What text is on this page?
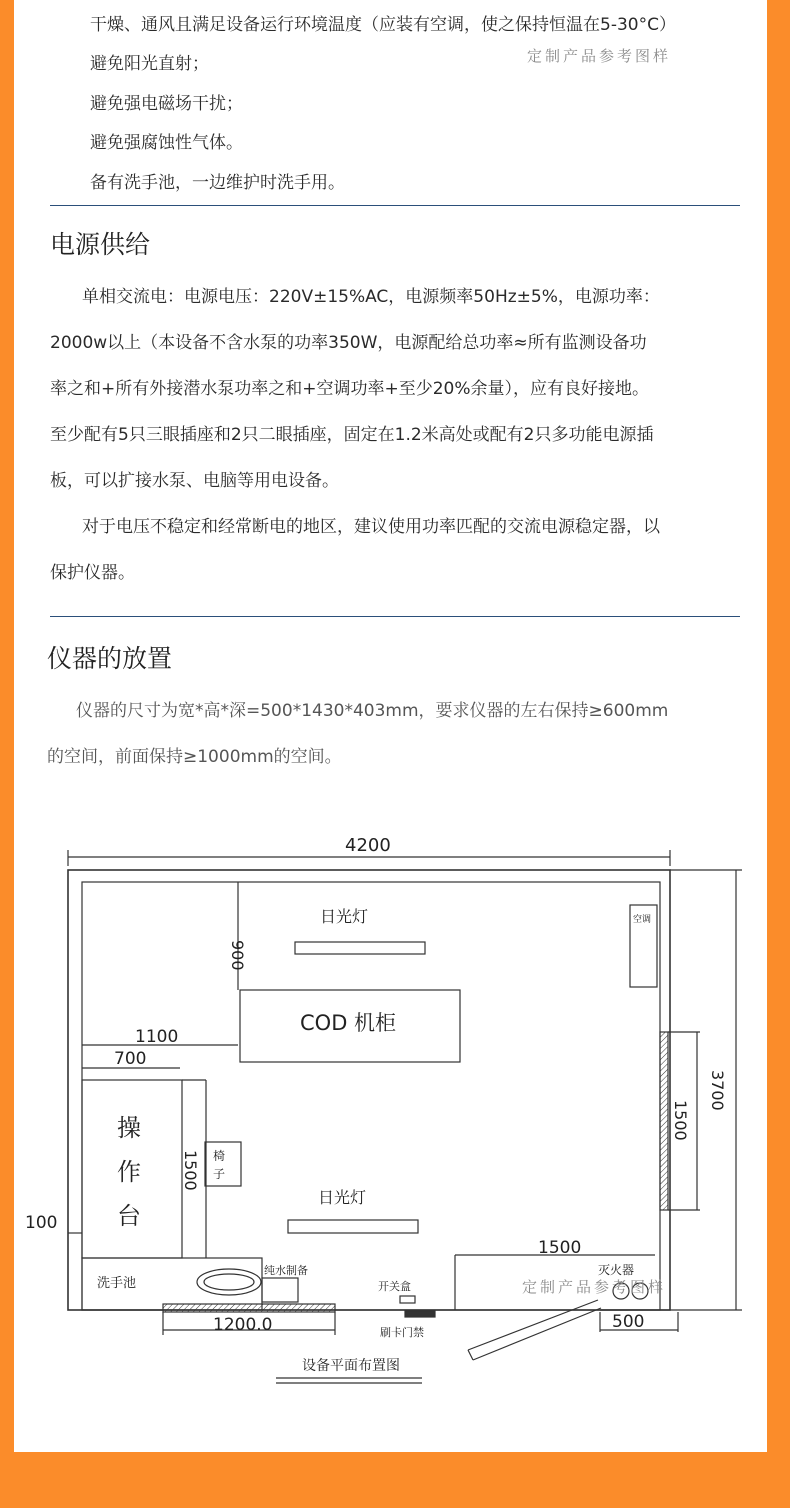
干燥、通风且满足设备运行环境温度（应装有空调，使之保持恒温在5-30°C）
避免阳光直射；	定制产品参考图样
避免强电磁场干扰；
避免强腐蚀性气体。
备有洗手池，一边维护时洗手用。
电源供给
单相交流电：电源电压：220V±15%AC，电源频率50Hz±5%，电源功率：
2000w以上（本设备不含水泵的功率350W，电源配给总功率≈所有监测设备功
率之和+所有外接潜水泵功率之和+空调功率+至少20%余量），应有良好接地。
至少配有5只三眼插座和2只二眼插座，固定在1.2米高处或配有2只多功能电源插
板，可以扩接水泵、电脑等用电设备。
对于电压不稳定和经常断电的地区，建议使用功率匹配的交流电源稳定器，以
保护仪器。
仪器的放置
仪器的尺寸为宽*高*深=500*1430*403mm，要求仪器的左右保持≥600mm
的空间，前面保持≥1000mm的空间。
4200
日光灯
900
COD 机柜
空调
1100
700
操
作
台
1500 椅
子
日光灯
1500
3700
100
1500
洗手池
纯水制备
开关盒
灭火器
定制产品参考图样
1200.0	500
刷卡门禁
设备平面布置图
